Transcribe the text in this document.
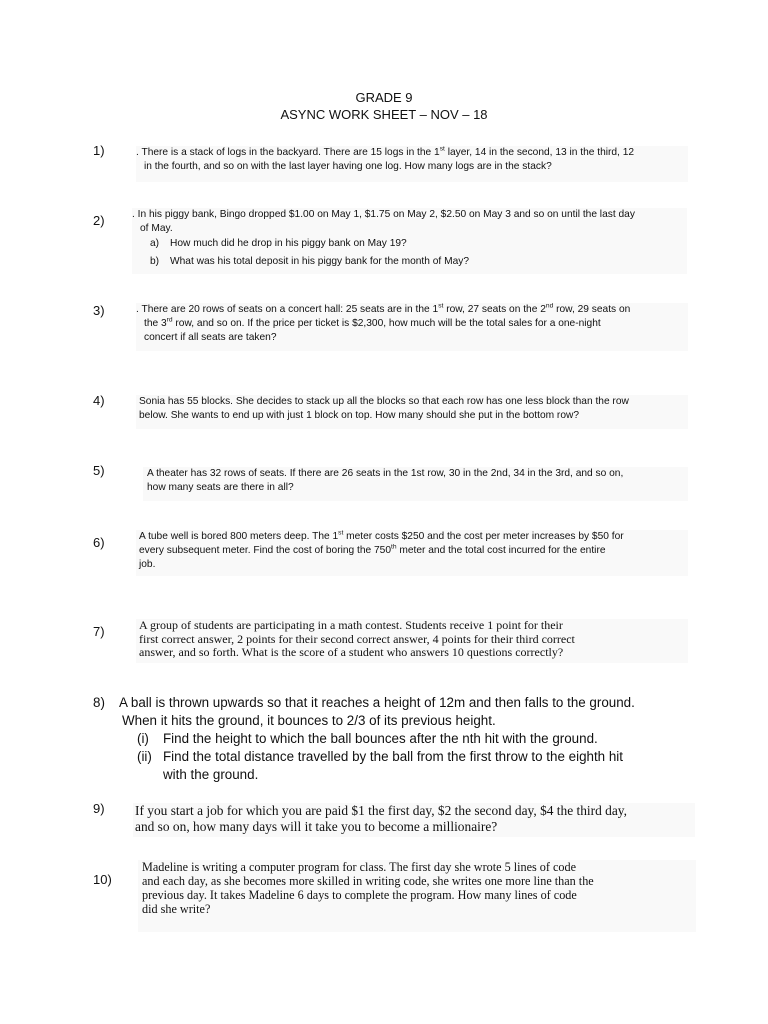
GRADE 9
ASYNC WORK SHEET – NOV – 18
1)	. There is a stack of logs in the backyard. There are 15 logs in the 1st layer, 14 in the second, 13 in the third, 12
in the fourth, and so on with the last layer having one log. How many logs are in the stack?
2)	. In his piggy bank, Bingo dropped $1.00 on May 1, $1.75 on May 2, $2.50 on May 3 and so on until the last day
of May.
a) How much did he drop in his piggy bank on May 19?
b) What was his total deposit in his piggy bank for the month of May?
3)	. There are 20 rows of seats on a concert hall: 25 seats are in the 1st row, 27 seats on the 2nd row, 29 seats on
the 3rd row, and so on. If the price per ticket is $2,300, how much will be the total sales for a one-night
concert if all seats are taken?
4)	Sonia has 55 blocks. She decides to stack up all the blocks so that each row has one less block than the row
below. She wants to end up with just 1 block on top. How many should she put in the bottom row?
5)	A theater has 32 rows of seats. If there are 26 seats in the 1st row, 30 in the 2nd, 34 in the 3rd, and so on,
how many seats are there in all?
6)	A tube well is bored 800 meters deep. The 1st meter costs $250 and the cost per meter increases by $50 for
every subsequent meter. Find the cost of boring the 750th meter and the total cost incurred for the entire
job.
7)	A group of students are participating in a math contest. Students receive 1 point for their
first correct answer, 2 points for their second correct answer, 4 points for their third correct
answer, and so forth. What is the score of a student who answers 10 questions correctly?
8) A ball is thrown upwards so that it reaches a height of 12m and then falls to the ground.
When it hits the ground, it bounces to 2/3 of its previous height.
(i) Find the height to which the ball bounces after the nth hit with the ground.
(ii) Find the total distance travelled by the ball from the first throw to the eighth hit
with the ground.
9) If you start a job for which you are paid $1 the first day, $2 the second day, $4 the third day,
and so on, how many days will it take you to become a millionaire?
10)
Madeline is writing a computer program for class. The first day she wrote 5 lines of code
and each day, as she becomes more skilled in writing code, she writes one more line than the
previous day. It takes Madeline 6 days to complete the program. How many lines of code
did she write?
